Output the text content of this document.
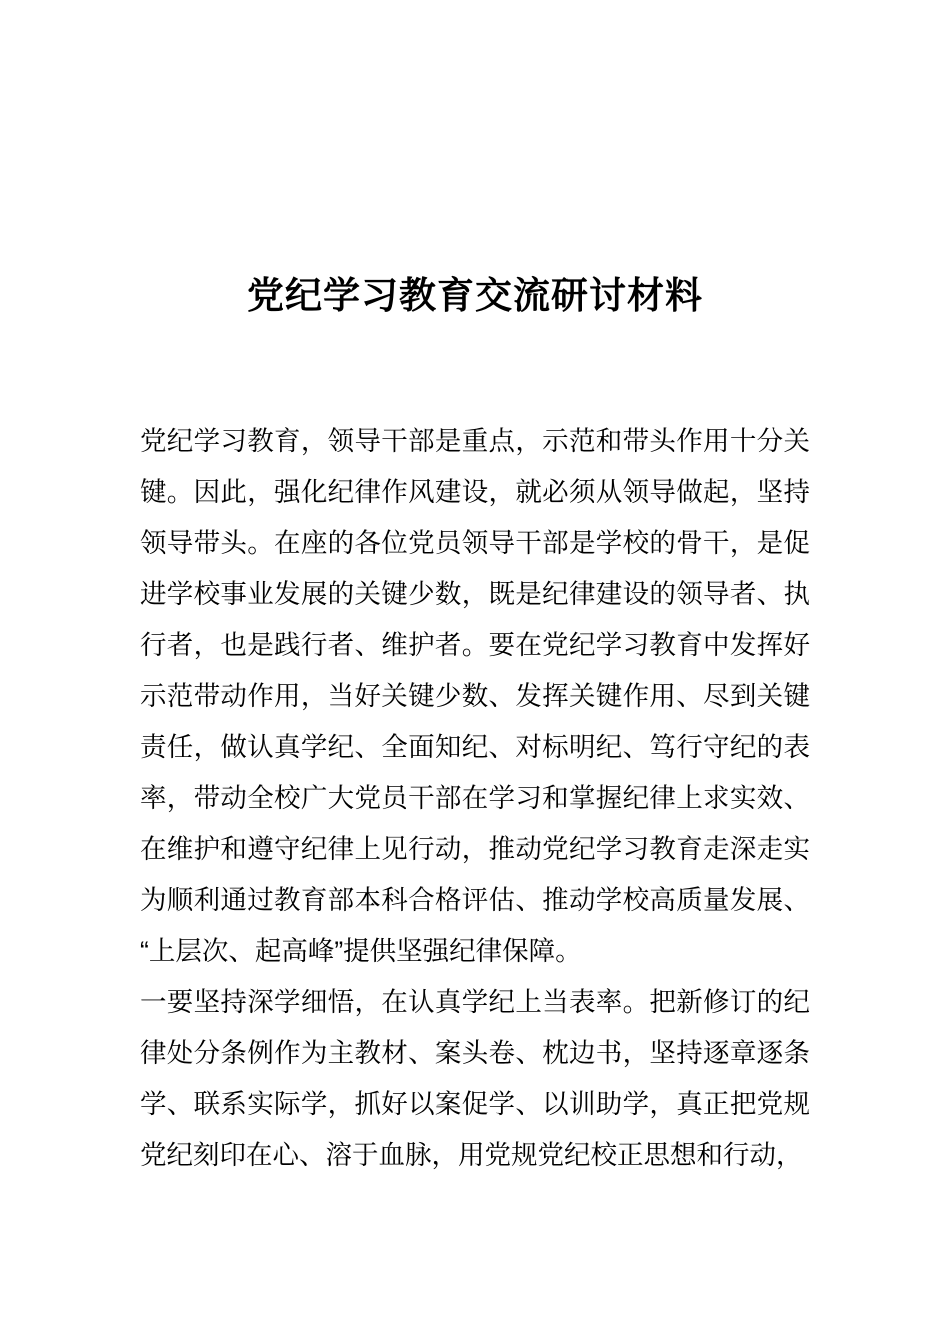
党纪学习教育交流研讨材料

党纪学习教育，领导干部是重点，示范和带头作用十分关键。因此，强化纪律作风建设，就必须从领导做起，坚持领导带头。在座的各位党员领导干部是学校的骨干，是促进学校事业发展的关键少数，既是纪律建设的领导者、执行者，也是践行者、维护者。要在党纪学习教育中发挥好示范带动作用，当好关键少数、发挥关键作用、尽到关键责任，做认真学纪、全面知纪、对标明纪、笃行守纪的表率，带动全校广大党员干部在学习和掌握纪律上求实效、在维护和遵守纪律上见行动，推动党纪学习教育走深走实为顺利通过教育部本科合格评估、推动学校高质量发展、“上层次、起高峰”提供坚强纪律保障。

一要坚持深学细悟，在认真学纪上当表率。把新修订的纪律处分条例作为主教材、案头卷、枕边书，坚持逐章逐条学、联系实际学，抓好以案促学、以训助学，真正把党规党纪刻印在心、溶于血脉，用党规党纪校正思想和行动，
